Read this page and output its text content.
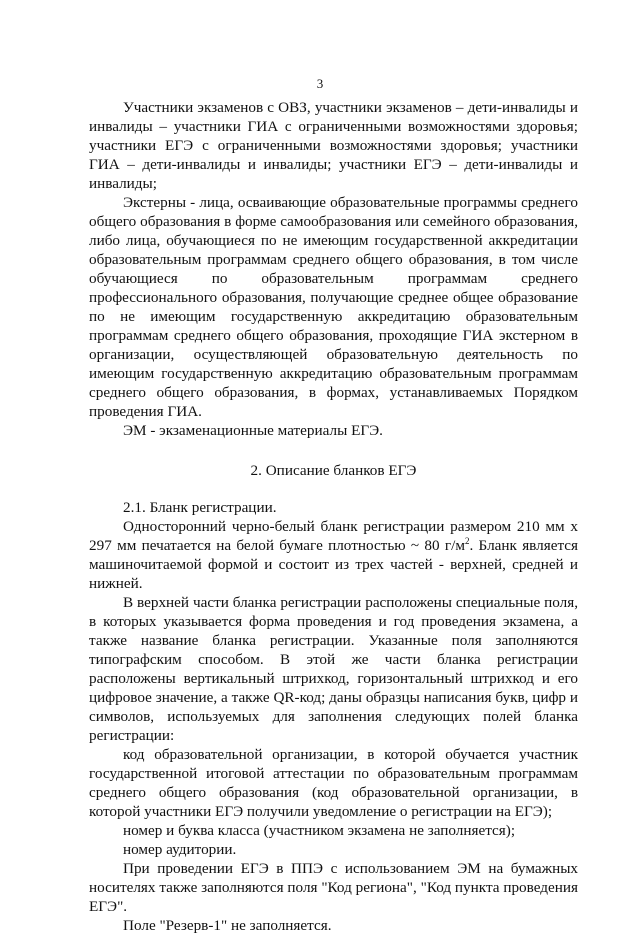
3

Участники экзаменов с ОВЗ, участники экзаменов – дети-инвалиды и инвалиды – участники ГИА с ограниченными возможностями здоровья; участники ЕГЭ с ограниченными возможностями здоровья; участники ГИА – дети-инвалиды и инвалиды; участники ЕГЭ – дети-инвалиды и инвалиды;

Экстерны - лица, осваивающие образовательные программы среднего общего образования в форме самообразования или семейного образования, либо лица, обучающиеся по не имеющим государственной аккредитации образовательным программам среднего общего образования, в том числе обучающиеся по образовательным программам среднего профессионального образования, получающие среднее общее образование по не имеющим государственную аккредитацию образовательным программам среднего общего образования, проходящие ГИА экстерном в организации, осуществляющей образовательную деятельность по имеющим государственную аккредитацию образовательным программам среднего общего образования, в формах, устанавливаемых Порядком проведения ГИА.

ЭМ - экзаменационные материалы ЕГЭ.

2. Описание бланков ЕГЭ

2.1. Бланк регистрации.

Односторонний черно-белый бланк регистрации размером 210 мм х 297 мм печатается на белой бумаге плотностью ~ 80 $г/м^2$. Бланк является машиночитаемой формой и состоит из трех частей - верхней, средней и нижней.

В верхней части бланка регистрации расположены специальные поля, в которых указывается форма проведения и год проведения экзамена, а также название бланка регистрации. Указанные поля заполняются типографским способом. В этой же части бланка регистрации расположены вертикальный штрихкод, горизонтальный штрихкод и его цифровое значение, а также QR-код; даны образцы написания букв, цифр и символов, используемых для заполнения следующих полей бланка регистрации:

код образовательной организации, в которой обучается участник государственной итоговой аттестации по образовательным программам среднего общего образования (код образовательной организации, в которой участники ЕГЭ получили уведомление о регистрации на ЕГЭ);

номер и буква класса (участником экзамена не заполняется);

номер аудитории.

При проведении ЕГЭ в ППЭ с использованием ЭМ на бумажных носителях также заполняются поля "Код региона", "Код пункта проведения ЕГЭ".

Поле "Резерв-1" не заполняется.
